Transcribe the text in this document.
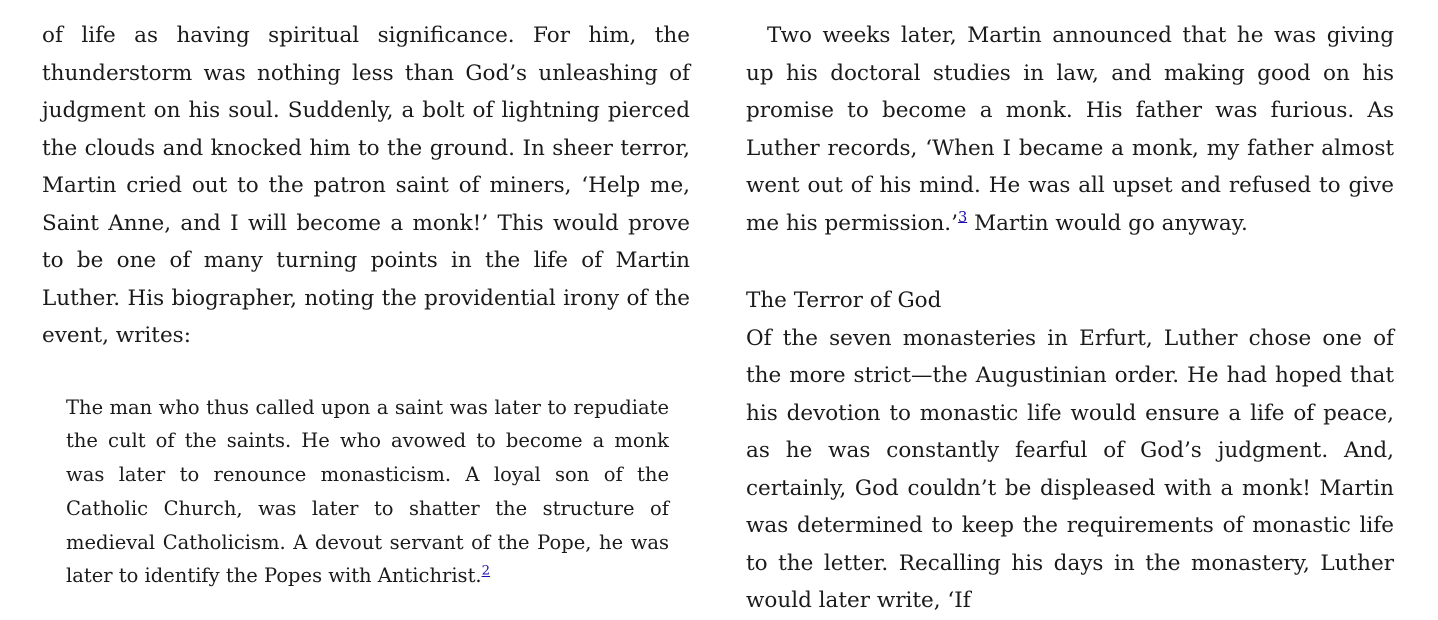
of life as having spiritual significance. For him, the thunderstorm was nothing less than God’s unleashing of judgment on his soul. Suddenly, a bolt of lightning pierced the clouds and knocked him to the ground. In sheer terror, Martin cried out to the patron saint of miners, ‘Help me, Saint Anne, and I will become a monk!’ This would prove to be one of many turning points in the life of Martin Luther. His biographer, noting the providential irony of the event, writes:

The man who thus called upon a saint was later to repudiate the cult of the saints. He who avowed to become a monk was later to renounce monasticism. A loyal son of the Catholic Church, was later to shatter the structure of medieval Catholicism. A devout servant of the Pope, he was later to identify the Popes with Antichrist.$^2$

Two weeks later, Martin announced that he was giving up his doctoral studies in law, and making good on his promise to become a monk. His father was furious. As Luther records, ‘When I became a monk, my father almost went out of his mind. He was all upset and refused to give me his permission.’$^3$ Martin would go anyway.

The Terror of God

Of the seven monasteries in Erfurt, Luther chose one of the more strict—the Augustinian order. He had hoped that his devotion to monastic life would ensure a life of peace, as he was constantly fearful of God’s judgment. And, certainly, God couldn’t be displeased with a monk! Martin was determined to keep the requirements of monastic life to the letter. Recalling his days in the monastery, Luther would later write, ‘If
